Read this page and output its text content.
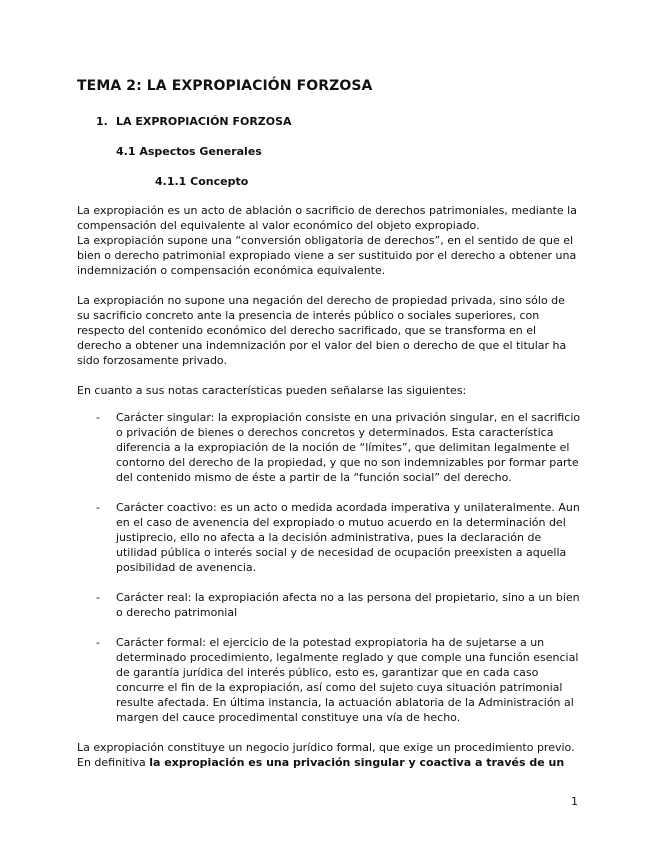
TEMA 2: LA EXPROPIACIÓN FORZOSA
1. LA EXPROPIACIÓN FORZOSA
4.1 Aspectos Generales
4.1.1 Concepto

La expropiación es un acto de ablación o sacrificio de derechos patrimoniales, mediante la compensación del equivalente al valor económico del objeto expropiado.

La expropiación supone una “conversión obligatoria de derechos”, en el sentido de que el bien o derecho patrimonial expropiado viene a ser sustituido por el derecho a obtener una indemnización o compensación económica equivalente.

La expropiación no supone una negación del derecho de propiedad privada, sino sólo de su sacrificio concreto ante la presencia de interés público o sociales superiores, con respecto del contenido económico del derecho sacrificado, que se transforma en el derecho a obtener una indemnización por el valor del bien o derecho de que el titular ha sido forzosamente privado.

En cuanto a sus notas características pueden señalarse las siguientes:

- Carácter singular: la expropiación consiste en una privación singular, en el sacrificio o privación de bienes o derechos concretos y determinados. Esta característica diferencia a la expropiación de la noción de “límites”, que delimitan legalmente el contorno del derecho de la propiedad, y que no son indemnizables por formar parte del contenido mismo de éste a partir de la “función social” del derecho.
- Carácter coactivo: es un acto o medida acordada imperativa y unilateralmente. Aun en el caso de avenencia del expropiado o mutuo acuerdo en la determinación del justiprecio, ello no afecta a la decisión administrativa, pues la declaración de utilidad pública o interés social y de necesidad de ocupación preexisten a aquella posibilidad de avenencia.
- Carácter real: la expropiación afecta no a las persona del propietario, sino a un bien o derecho patrimonial
- Carácter formal: el ejercicio de la potestad expropiatoria ha de sujetarse a un determinado procedimiento, legalmente reglado y que comple una función esencial de garantía jurídica del interés público, esto es, garantizar que en cada caso concurre el fin de la expropiación, así como del sujeto cuya situación patrimonial resulte afectada. En última instancia, la actuación ablatoria de la Administración al margen del cauce procedimental constituye una vía de hecho.

La expropiación constituye un negocio jurídico formal, que exige un procedimiento previo.

En definitiva la expropiación es una privación singular y coactiva a través de un

1
